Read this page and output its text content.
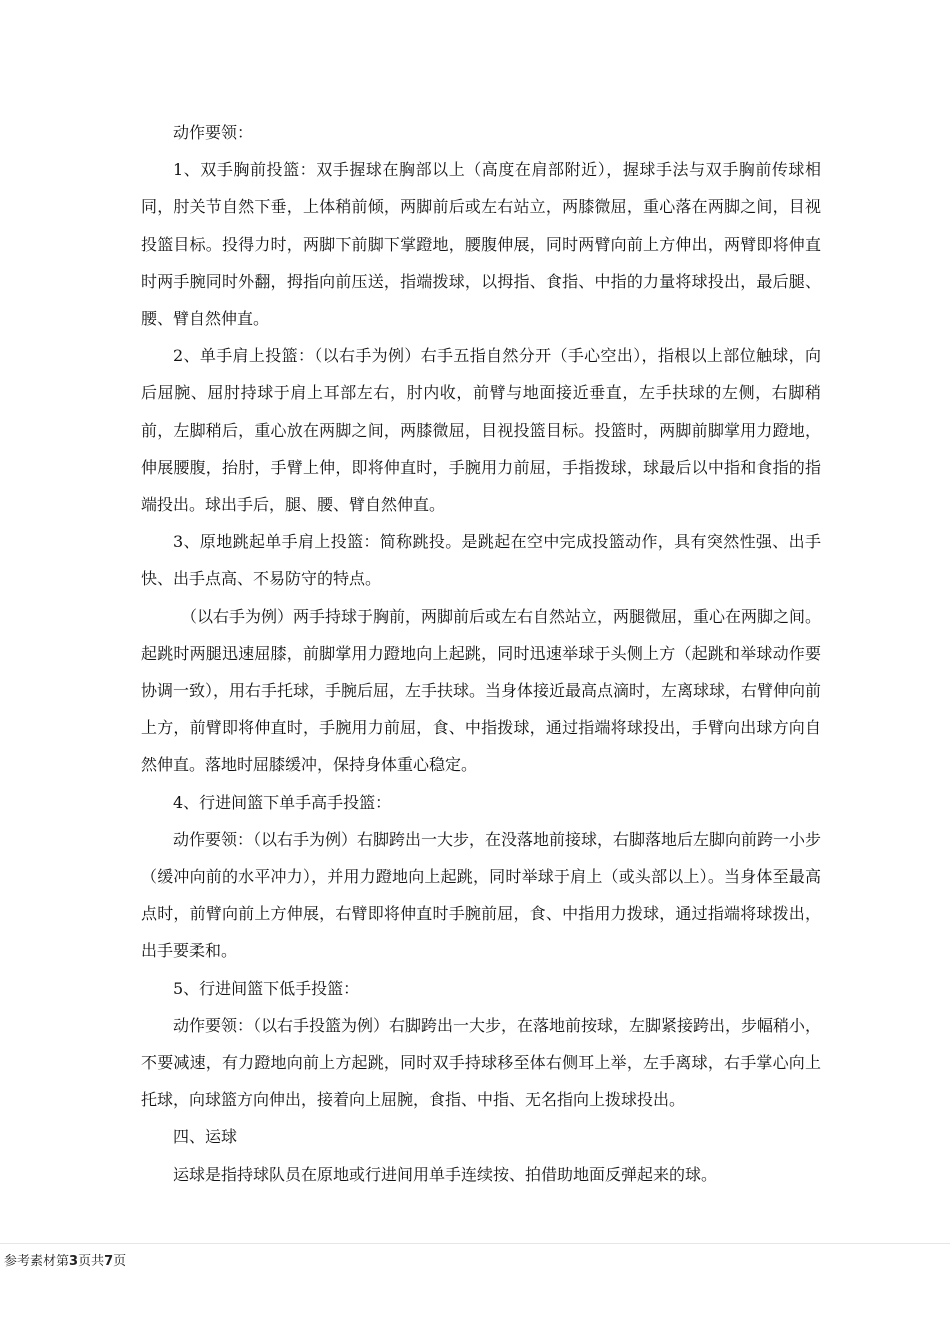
动作要领：

1、双手胸前投篮：双手握球在胸部以上（高度在肩部附近），握球手法与双手胸前传球相同，肘关节自然下垂，上体稍前倾，两脚前后或左右站立，两膝微屈，重心落在两脚之间，目视投篮目标。投得力时，两脚下前脚下掌蹬地，腰腹伸展，同时两臂向前上方伸出，两臂即将伸直时两手腕同时外翻，拇指向前压送，指端拨球，以拇指、食指、中指的力量将球投出，最后腿、腰、臂自然伸直。

2、单手肩上投篮：（以右手为例）右手五指自然分开（手心空出），指根以上部位触球，向后屈腕、屈肘持球于肩上耳部左右，肘内收，前臂与地面接近垂直，左手扶球的左侧，右脚稍前，左脚稍后，重心放在两脚之间，两膝微屈，目视投篮目标。投篮时，两脚前脚掌用力蹬地，伸展腰腹，抬肘，手臂上伸，即将伸直时，手腕用力前屈，手指拨球，球最后以中指和食指的指端投出。球出手后，腿、腰、臂自然伸直。

3、原地跳起单手肩上投篮：简称跳投。是跳起在空中完成投篮动作，具有突然性强、出手快、出手点高、不易防守的特点。

（以右手为例）两手持球于胸前，两脚前后或左右自然站立，两腿微屈，重心在两脚之间。起跳时两腿迅速屈膝，前脚掌用力蹬地向上起跳，同时迅速举球于头侧上方（起跳和举球动作要协调一致），用右手托球，手腕后屈，左手扶球。当身体接近最高点滴时，左离球球，右臂伸向前上方，前臂即将伸直时，手腕用力前屈，食、中指拨球，通过指端将球投出，手臂向出球方向自然伸直。落地时屈膝缓冲，保持身体重心稳定。

4、行进间篮下单手高手投篮：

动作要领：（以右手为例）右脚跨出一大步，在没落地前接球，右脚落地后左脚向前跨一小步（缓冲向前的水平冲力），并用力蹬地向上起跳，同时举球于肩上（或头部以上）。当身体至最高点时，前臂向前上方伸展，右臂即将伸直时手腕前屈，食、中指用力拨球，通过指端将球拨出，出手要柔和。

5、行进间篮下低手投篮：

动作要领：（以右手投篮为例）右脚跨出一大步，在落地前按球，左脚紧接跨出，步幅稍小，不要减速，有力蹬地向前上方起跳，同时双手持球移至体右侧耳上举，左手离球，右手掌心向上托球，向球篮方向伸出，接着向上屈腕，食指、中指、无名指向上拨球投出。

四、运球

运球是指持球队员在原地或行进间用单手连续按、拍借助地面反弹起来的球。

参考素材第3页共7页
